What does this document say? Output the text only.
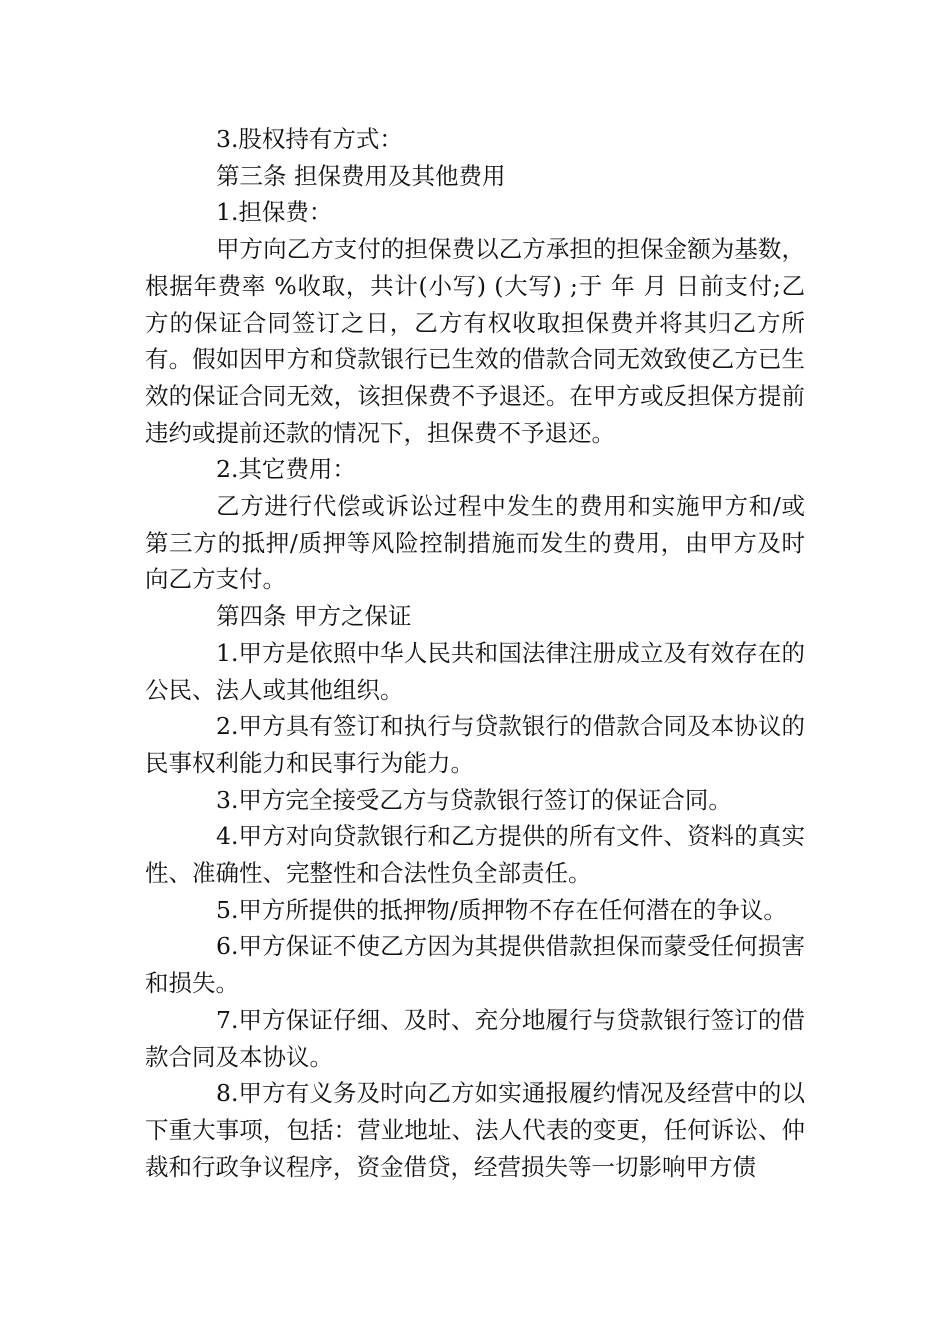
3.股权持有方式：

第三条 担保费用及其他费用

1.担保费：

甲方向乙方支付的担保费以乙方承担的担保金额为基数，根据年费率 %收取，共计(小写) (大写) ;于 年 月 日前支付;乙方的保证合同签订之日，乙方有权收取担保费并将其归乙方所有。假如因甲方和贷款银行已生效的借款合同无效致使乙方已生效的保证合同无效，该担保费不予退还。在甲方或反担保方提前违约或提前还款的情况下，担保费不予退还。

2.其它费用：

乙方进行代偿或诉讼过程中发生的费用和实施甲方和/或第三方的抵押/质押等风险控制措施而发生的费用，由甲方及时向乙方支付。

第四条 甲方之保证

1.甲方是依照中华人民共和国法律注册成立及有效存在的公民、法人或其他组织。

2.甲方具有签订和执行与贷款银行的借款合同及本协议的民事权利能力和民事行为能力。

3.甲方完全接受乙方与贷款银行签订的保证合同。

4.甲方对向贷款银行和乙方提供的所有文件、资料的真实性、准确性、完整性和合法性负全部责任。

5.甲方所提供的抵押物/质押物不存在任何潜在的争议。

6.甲方保证不使乙方因为其提供借款担保而蒙受任何损害和损失。

7.甲方保证仔细、及时、充分地履行与贷款银行签订的借款合同及本协议。

8.甲方有义务及时向乙方如实通报履约情况及经营中的以下重大事项，包括：营业地址、法人代表的变更，任何诉讼、仲裁和行政争议程序，资金借贷，经营损失等一切影响甲方债
